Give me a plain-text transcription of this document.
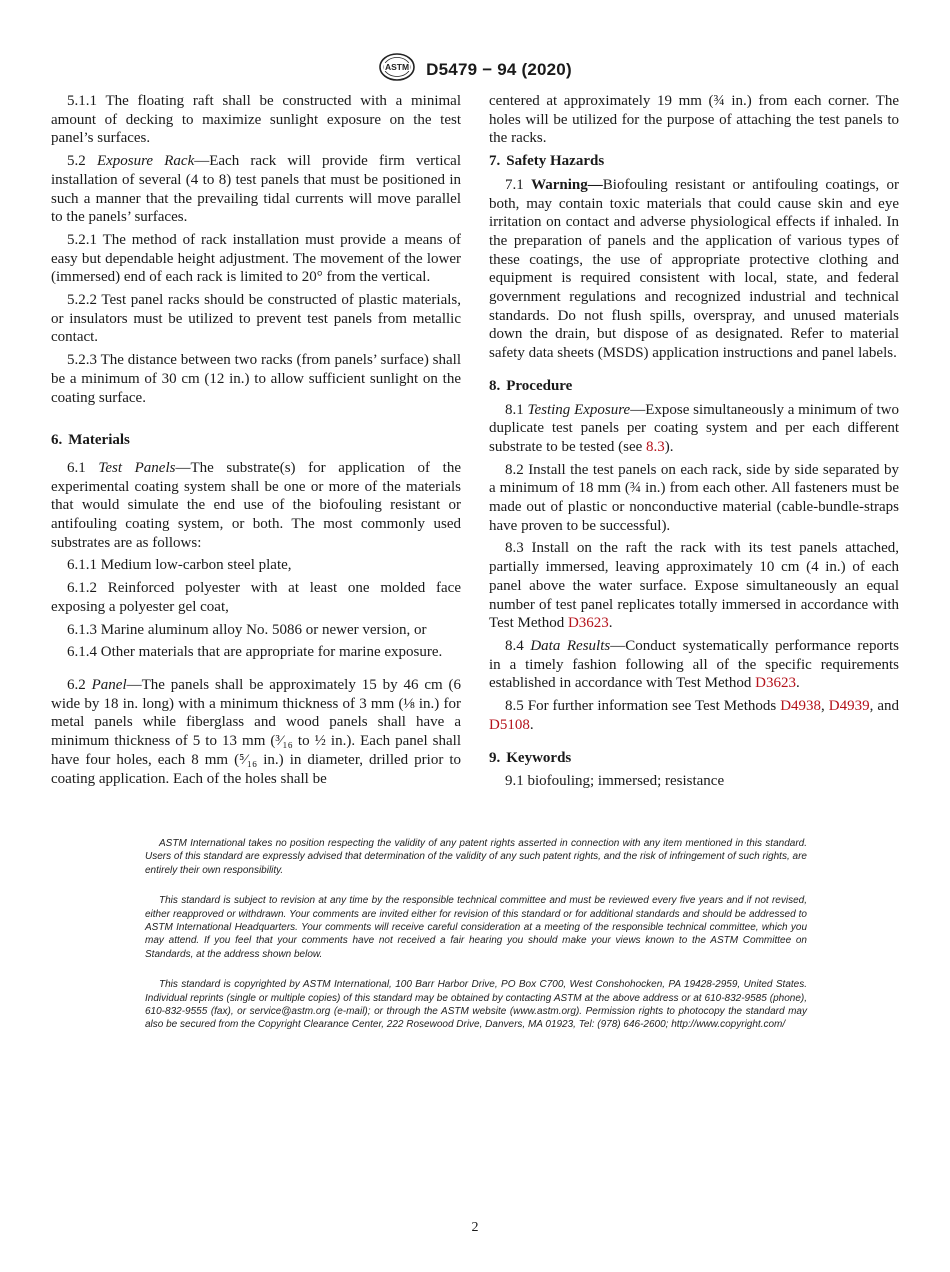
ASTM D5479 − 94 (2020)

5.1.1 The floating raft shall be constructed with a minimal amount of decking to maximize sunlight exposure on the test panel’s surfaces.

5.2 Exposure Rack—Each rack will provide firm vertical installation of several (4 to 8) test panels that must be positioned in such a manner that the prevailing tidal currents will move parallel to the panels’ surfaces.

5.2.1 The method of rack installation must provide a means of easy but dependable height adjustment. The movement of the lower (immersed) end of each rack is limited to 20° from the vertical.

5.2.2 Test panel racks should be constructed of plastic materials, or insulators must be utilized to prevent test panels from metallic contact.

5.2.3 The distance between two racks (from panels’ surface) shall be a minimum of 30 cm (12 in.) to allow sufficient sunlight on the coating surface.

6. Materials

6.1 Test Panels—The substrate(s) for application of the experimental coating system shall be one or more of the materials that would simulate the end use of the biofouling resistant or antifouling coating system, or both. The most commonly used substrates are as follows:

6.1.1 Medium low-carbon steel plate,

6.1.2 Reinforced polyester with at least one molded face exposing a polyester gel coat,

6.1.3 Marine aluminum alloy No. 5086 or newer version, or

6.1.4 Other materials that are appropriate for marine exposure.

6.2 Panel—The panels shall be approximately 15 by 46 cm (6 wide by 18 in. long) with a minimum thickness of 3 mm (⅛ in.) for metal panels while fiberglass and wood panels shall have a minimum thickness of 5 to 13 mm (³⁄₁₆ to ½ in.). Each panel shall have four holes, each 8 mm (⁵⁄₁₆ in.) in diameter, drilled prior to coating application. Each of the holes shall be

centered at approximately 19 mm (¾ in.) from each corner. The holes will be utilized for the purpose of attaching the test panels to the racks.

7. Safety Hazards

7.1 Warning—Biofouling resistant or antifouling coatings, or both, may contain toxic materials that could cause skin and eye irritation on contact and adverse physiological effects if inhaled. In the preparation of panels and the application of various types of these coatings, the use of appropriate protective clothing and equipment is required consistent with local, state, and federal government regulations and recognized industrial and technical standards. Do not flush spills, overspray, and unused materials down the drain, but dispose of as designated. Refer to material safety data sheets (MSDS) application instructions and panel labels.

8. Procedure

8.1 Testing Exposure—Expose simultaneously a minimum of two duplicate test panels per coating system and per each different substrate to be tested (see 8.3).

8.2 Install the test panels on each rack, side by side separated by a minimum of 18 mm (¾ in.) from each other. All fasteners must be made out of plastic or nonconductive material (cable-bundle-straps have proven to be successful).

8.3 Install on the raft the rack with its test panels attached, partially immersed, leaving approximately 10 cm (4 in.) of each panel above the water surface. Expose simultaneously an equal number of test panel replicates totally immersed in accordance with Test Method D3623.

8.4 Data Results—Conduct systematically performance reports in a timely fashion following all of the specific requirements established in accordance with Test Method D3623.

8.5 For further information see Test Methods D4938, D4939, and D5108.

9. Keywords

9.1 biofouling; immersed; resistance

ASTM International takes no position respecting the validity of any patent rights asserted in connection with any item mentioned in this standard. Users of this standard are expressly advised that determination of the validity of any such patent rights, and the risk of infringement of such rights, are entirely their own responsibility.

This standard is subject to revision at any time by the responsible technical committee and must be reviewed every five years and if not revised, either reapproved or withdrawn. Your comments are invited either for revision of this standard or for additional standards and should be addressed to ASTM International Headquarters. Your comments will receive careful consideration at a meeting of the responsible technical committee, which you may attend. If you feel that your comments have not received a fair hearing you should make your views known to the ASTM Committee on Standards, at the address shown below.

This standard is copyrighted by ASTM International, 100 Barr Harbor Drive, PO Box C700, West Conshohocken, PA 19428-2959, United States. Individual reprints (single or multiple copies) of this standard may be obtained by contacting ASTM at the above address or at 610-832-9585 (phone), 610-832-9555 (fax), or service@astm.org (e-mail); or through the ASTM website (www.astm.org). Permission rights to photocopy the standard may also be secured from the Copyright Clearance Center, 222 Rosewood Drive, Danvers, MA 01923, Tel: (978) 646-2600; http://www.copyright.com/

2
